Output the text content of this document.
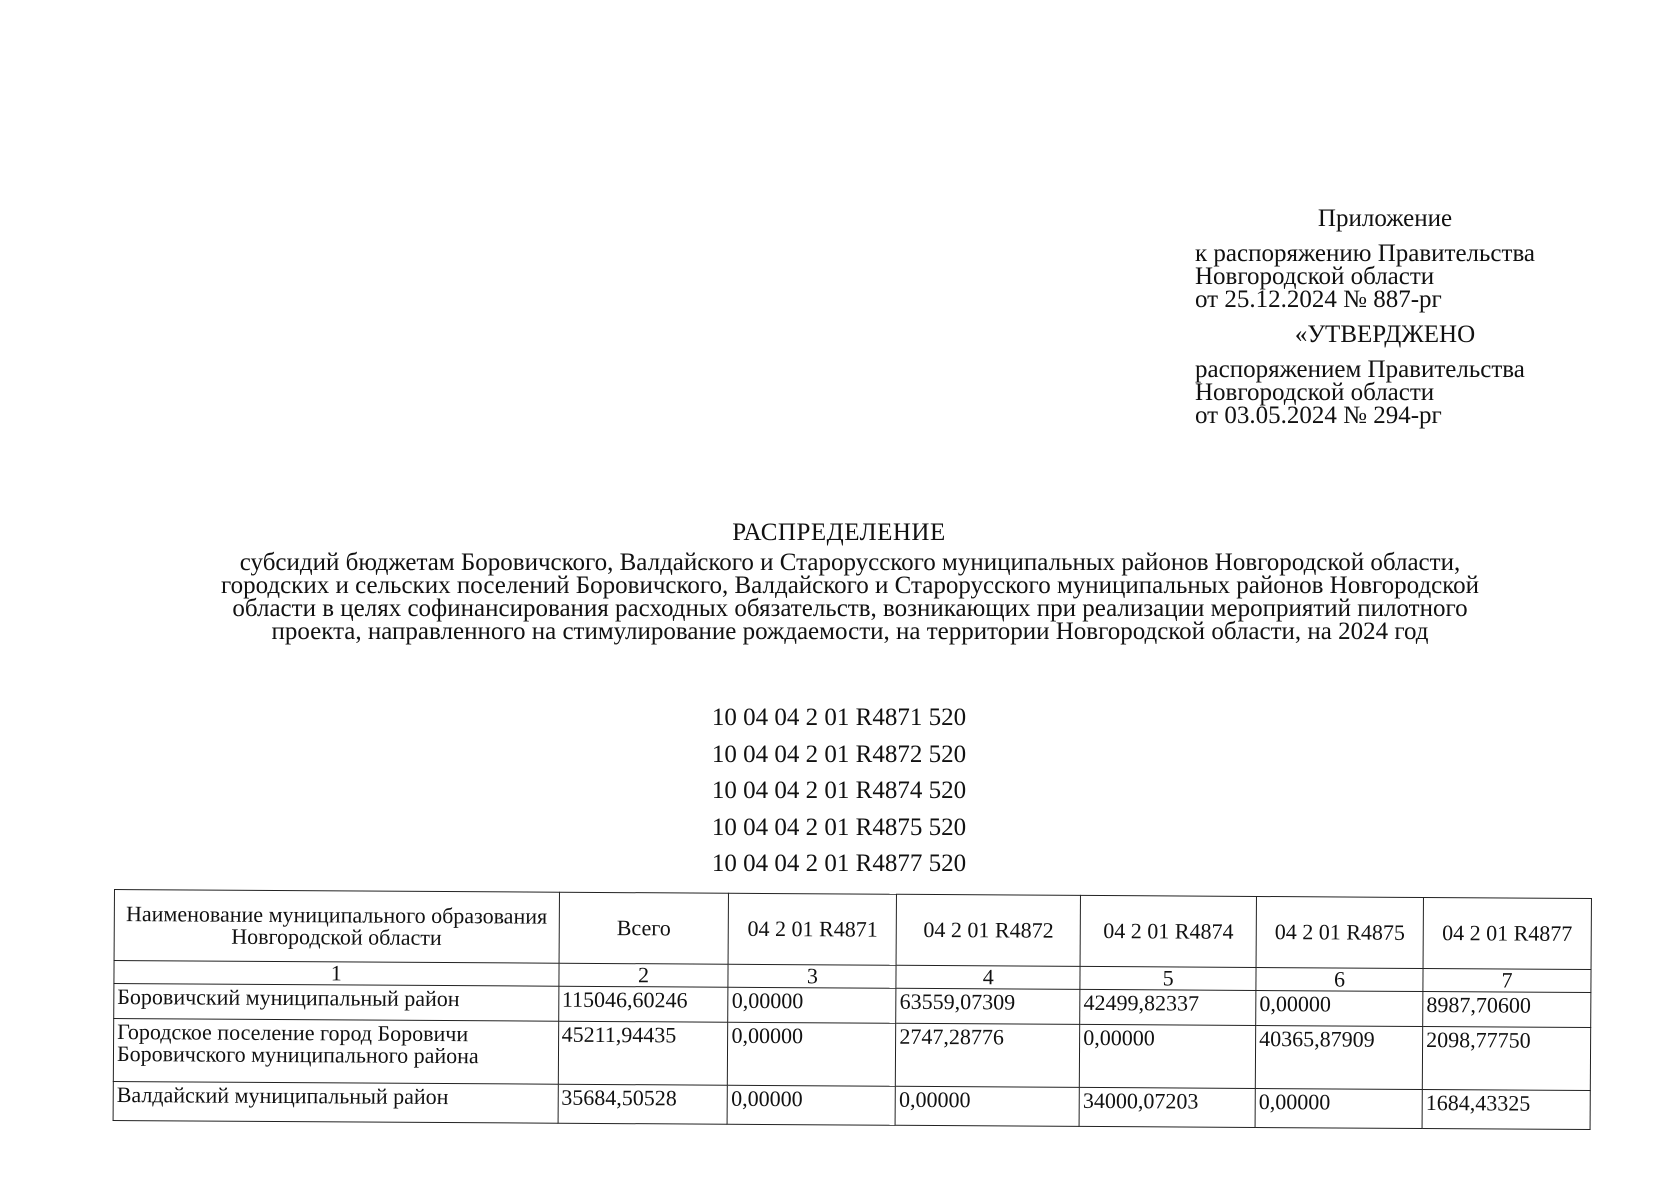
Приложение
к распоряжению Правительства
Новгородской области
от 25.12.2024 № 887-рг
«УТВЕРДЖЕНО
распоряжением Правительства
Новгородской области
от 03.05.2024 № 294-рг
РАСПРЕДЕЛЕНИЕ
субсидий бюджетам Боровичского, Валдайского и Старорусского муниципальных районов Новгородской области,
городских и сельских поселений Боровичского, Валдайского и Старорусского муниципальных районов Новгородской
области в целях софинансирования расходных обязательств, возникающих при реализации мероприятий пилотного
проекта, направленного на стимулирование рождаемости, на территории Новгородской области, на 2024 год
10 04 04 2 01 R4871 520
10 04 04 2 01 R4872 520
10 04 04 2 01 R4874 520
10 04 04 2 01 R4875 520
10 04 04 2 01 R4877 520
Наименование муниципального образования Новгородской области	Всего	04 2 01 R4871	04 2 01 R4872	04 2 01 R4874	04 2 01 R4875	04 2 01 R4877
1	2	3	4	5	6	7
Боровичский муниципальный район	115046,60246	0,00000	63559,07309	42499,82337	0,00000	8987,70600
Городское поселение город Боровичи Боровичского муниципального района	45211,94435	0,00000	2747,28776	0,00000	40365,87909	2098,77750
Валдайский муниципальный район	35684,50528	0,00000	0,00000	34000,07203	0,00000	1684,43325
